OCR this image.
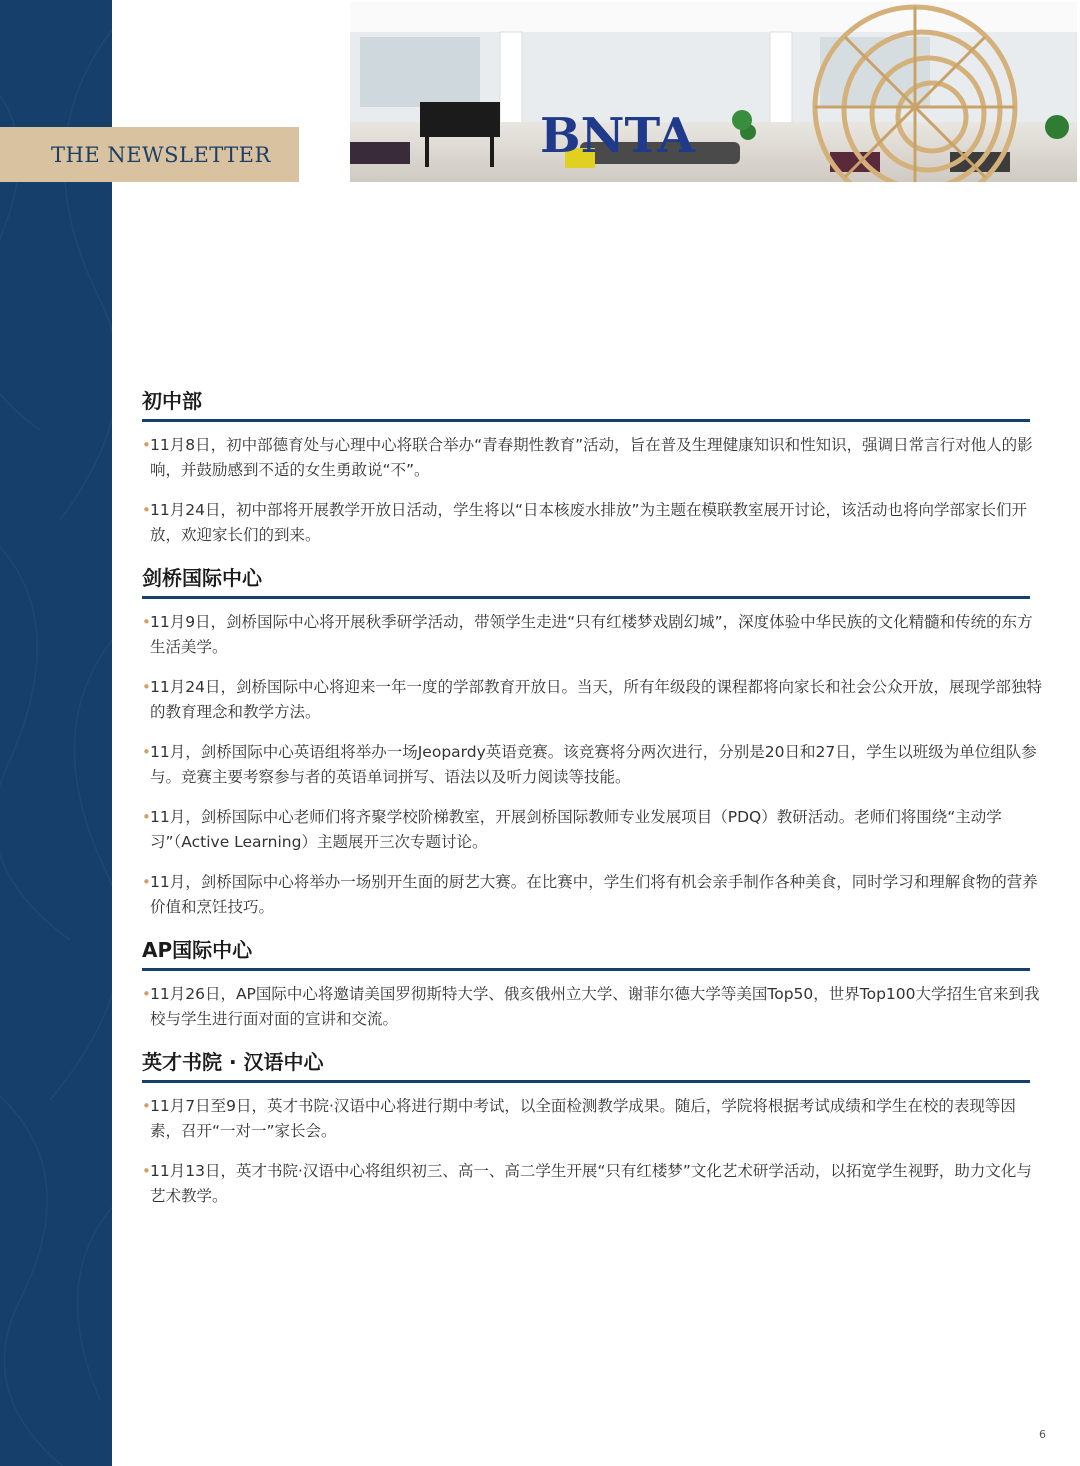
THE NEWSLETTER	BNTA
初中部
• 11月8日，初中部德育处与心理中心将联合举办“青春期性教育”活动，旨在普及生理健康知识和性知识，强调日常言行对他人的影响，并鼓励感到不适的女生勇敢说“不”。
• 11月24日，初中部将开展教学开放日活动，学生将以“日本核废水排放”为主题在模联教室展开讨论，该活动也将向学部家长们开放，欢迎家长们的到来。
剑桥国际中心
• 11月9日，剑桥国际中心将开展秋季研学活动，带领学生走进“只有红楼梦戏剧幻城”，深度体验中华民族的文化精髓和传统的东方生活美学。
• 11月24日，剑桥国际中心将迎来一年一度的学部教育开放日。当天，所有年级段的课程都将向家长和社会公众开放，展现学部独特的教育理念和教学方法。
• 11月，剑桥国际中心英语组将举办一场Jeopardy英语竞赛。该竞赛将分两次进行，分别是20日和27日，学生以班级为单位组队参与。竞赛主要考察参与者的英语单词拼写、语法以及听力阅读等技能。
• 11月，剑桥国际中心老师们将齐聚学校阶梯教室，开展剑桥国际教师专业发展项目（PDQ）教研活动。老师们将围绕“主动学习”（Active Learning）主题展开三次专题讨论。
• 11月，剑桥国际中心将举办一场别开生面的厨艺大赛。在比赛中，学生们将有机会亲手制作各种美食，同时学习和理解食物的营养价值和烹饪技巧。
AP国际中心
• 11月26日，AP国际中心将邀请美国罗彻斯特大学、俄亥俄州立大学、谢菲尔德大学等美国Top50，世界Top100大学招生官来到我校与学生进行面对面的宣讲和交流。
英才书院 · 汉语中心
• 11月7日至9日，英才书院·汉语中心将进行期中考试，以全面检测教学成果。随后，学院将根据考试成绩和学生在校的表现等因素，召开“一对一”家长会。
• 11月13日，英才书院·汉语中心将组织初三、高一、高二学生开展“只有红楼梦”文化艺术研学活动，以拓宽学生视野，助力文化与艺术教学。
6
